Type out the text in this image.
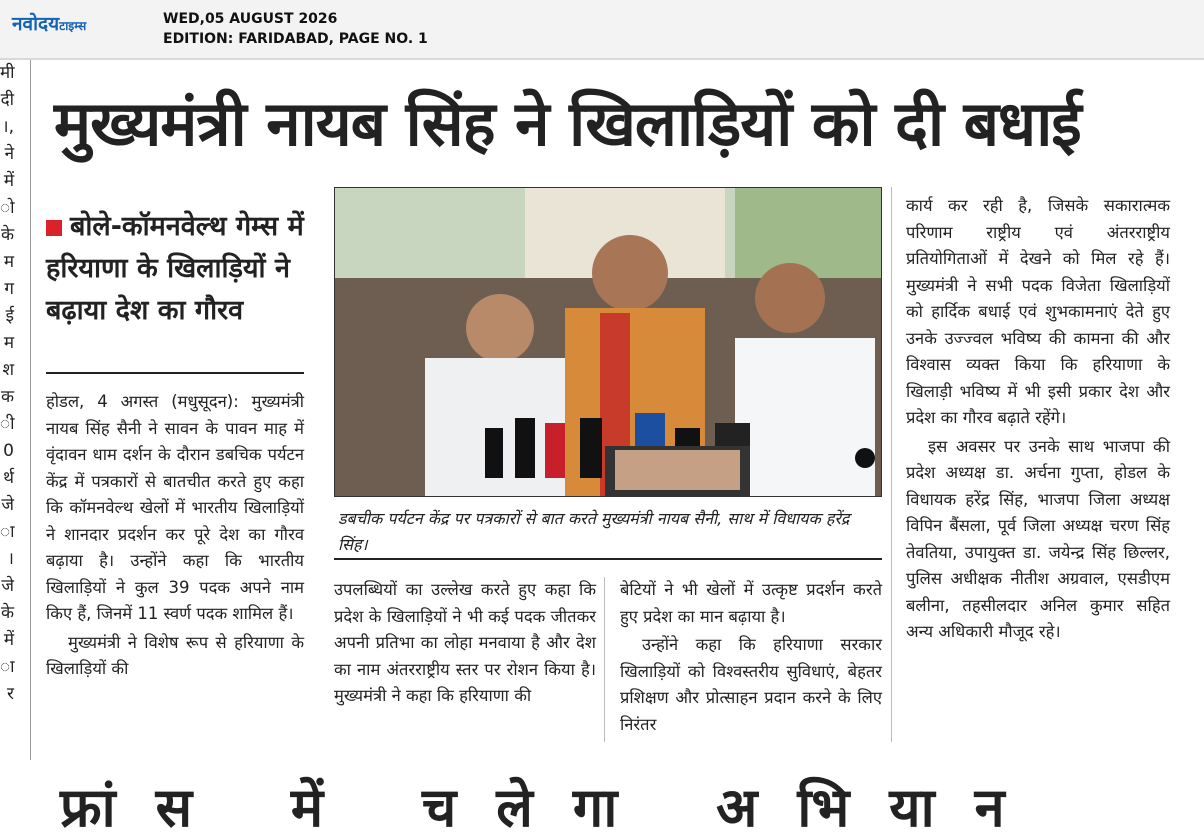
नवोदयटाइम्स	WED,05 AUGUST 2026
EDITION: FARIDABAD, PAGE NO. 1
मी
दी
।,
ने
में
ो
के
म
ग
ई
म
श
क
ी
0
र्थ
जे
ा
।
जे
के
में
ा
र
मुख्यमंत्री नायब सिंह ने खिलाड़ियों को दी बधाई
बोले-कॉमनवेल्थ गेम्स में हरियाणा के खिलाड़ियों ने बढ़ाया देश का गौरव

होडल, 4 अगस्त (मधुसूदन): मुख्यमंत्री नायब सिंह सैनी ने सावन के पावन माह में वृंदावन धाम दर्शन के दौरान डबचिक पर्यटन केंद्र में पत्रकारों से बातचीत करते हुए कहा कि कॉमनवेल्थ खेलों में भारतीय खिलाड़ियों ने शानदार प्रदर्शन कर पूरे देश का गौरव बढ़ाया है। उन्होंने कहा कि भारतीय खिलाड़ियों ने कुल 39 पदक अपने नाम किए हैं, जिनमें 11 स्वर्ण पदक शामिल हैं।

मुख्यमंत्री ने विशेष रूप से हरियाणा के खिलाड़ियों की

डबचीक पर्यटन केंद्र पर पत्रकारों से बात करते मुख्यमंत्री नायब सैनी, साथ में विधायक हरेंद्र सिंह।

उपलब्धियों का उल्लेख करते हुए कहा कि प्रदेश के खिलाड़ियों ने भी कई पदक जीतकर अपनी प्रतिभा का लोहा मनवाया है और देश का नाम अंतरराष्ट्रीय स्तर पर रोशन किया है। मुख्यमंत्री ने कहा कि हरियाणा की

बेटियों ने भी खेलों में उत्कृष्ट प्रदर्शन करते हुए प्रदेश का मान बढ़ाया है।

उन्होंने कहा कि हरियाणा सरकार खिलाड़ियों को विश्वस्तरीय सुविधाएं, बेहतर प्रशिक्षण और प्रोत्साहन प्रदान करने के लिए निरंतर

कार्य कर रही है, जिसके सकारात्मक परिणाम राष्ट्रीय एवं अंतरराष्ट्रीय प्रतियोगिताओं में देखने को मिल रहे हैं। मुख्यमंत्री ने सभी पदक विजेता खिलाड़ियों को हार्दिक बधाई एवं शुभकामनाएं देते हुए उनके उज्ज्वल भविष्य की कामना की और विश्वास व्यक्त किया कि हरियाणा के खिलाड़ी भविष्य में भी इसी प्रकार देश और प्रदेश का गौरव बढ़ाते रहेंगे।

इस अवसर पर उनके साथ भाजपा की प्रदेश अध्यक्ष डा. अर्चना गुप्ता, होडल के विधायक हरेंद्र सिंह, भाजपा जिला अध्यक्ष विपिन बैंसला, पूर्व जिला अध्यक्ष चरण सिंह तेवतिया, उपायुक्त डा. जयेन्द्र सिंह छिल्लर, पुलिस अधीक्षक नीतीश अग्रवाल, एसडीएम बलीना, तहसीलदार अनिल कुमार सहित अन्य अधिकारी मौजूद रहे।

फ्रांस में चलेगा अभियान
